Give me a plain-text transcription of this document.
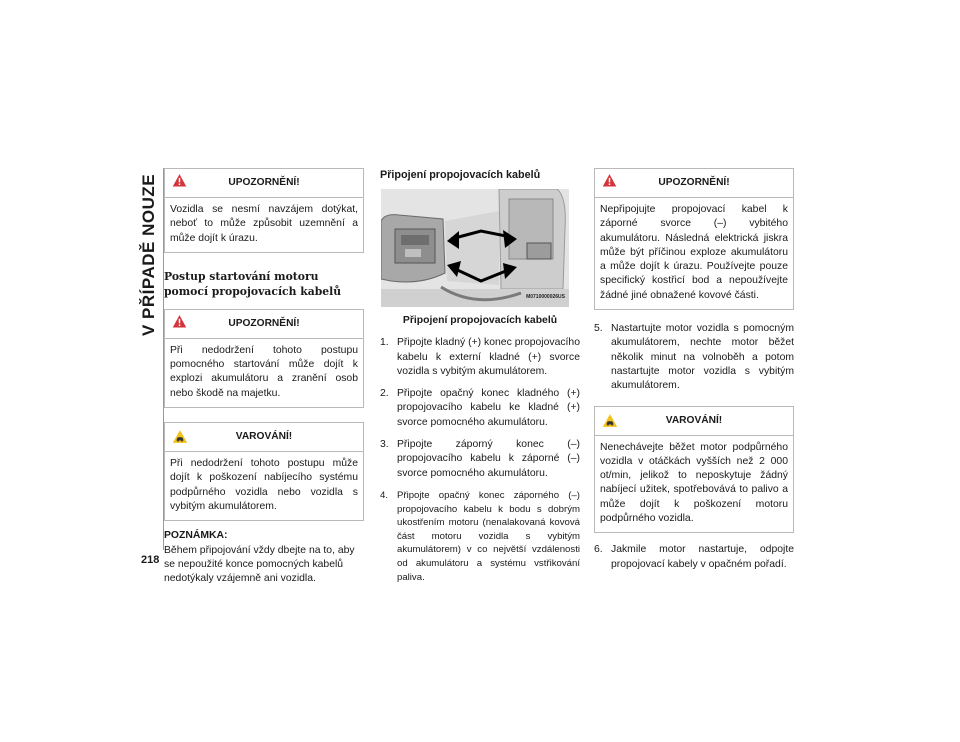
V PŘÍPADĚ NOUZE
218
UPOZORNĚNÍ!
Vozidla se nesmí navzájem dotýkat, neboť to může způsobit uzemnění a může dojít k úrazu.
Postup startování motoru pomocí propojovacích kabelů
UPOZORNĚNÍ!
Při nedodržení tohoto postupu pomocného startování může dojít k explozi akumulátoru a zranění osob nebo škodě na majetku.
VAROVÁNÍ!
Při nedodržení tohoto postupu může dojít k poškození nabíjecího systému podpůrného vozidla nebo vozidla s vybitým akumulátorem.

POZNÁMKA:

Během připojování vždy dbejte na to, aby se nepoužité konce pomocných kabelů nedotýkaly vzájemně ani vozidla.

Připojení propojovacích kabelů
M0710000026US
Připojení propojovacích kabelů
1. Připojte kladný (+) konec propojovacího kabelu k externí kladné (+) svorce vozidla s vybitým akumulátorem.
2. Připojte opačný konec kladného (+) propojovacího kabelu ke kladné (+) svorce pomocného akumulátoru.
3. Připojte záporný konec (–) propojovacího kabelu k záporné (–) svorce pomocného akumulátoru.
4. Připojte opačný konec záporného (–) propojovacího kabelu k bodu s dobrým ukostřením motoru (nenalakovaná kovová část motoru vozidla s vybitým akumulátorem) v co největší vzdálenosti od akumulátoru a systému vstřikování paliva.
UPOZORNĚNÍ!
Nepřipojujte propojovací kabel k záporné svorce (–) vybitého akumulátoru. Následná elektrická jiskra může být příčinou exploze akumulátoru a může dojít k úrazu. Používejte pouze specifický kostřicí bod a nepoužívejte žádné jiné obnažené kovové části.
5. Nastartujte motor vozidla s pomocným akumulátorem, nechte motor běžet několik minut na volnoběh a potom nastartujte motor vozidla s vybitým akumulátorem.
VAROVÁNÍ!
Nenechávejte běžet motor podpůrného vozidla v otáčkách vyšších než 2 000 ot/min, jelikož to neposkytuje žádný nabíjecí užitek, spotřebovává to palivo a může dojít k poškození motoru podpůrného vozidla.
6. Jakmile motor nastartuje, odpojte propojovací kabely v opačném pořadí.
